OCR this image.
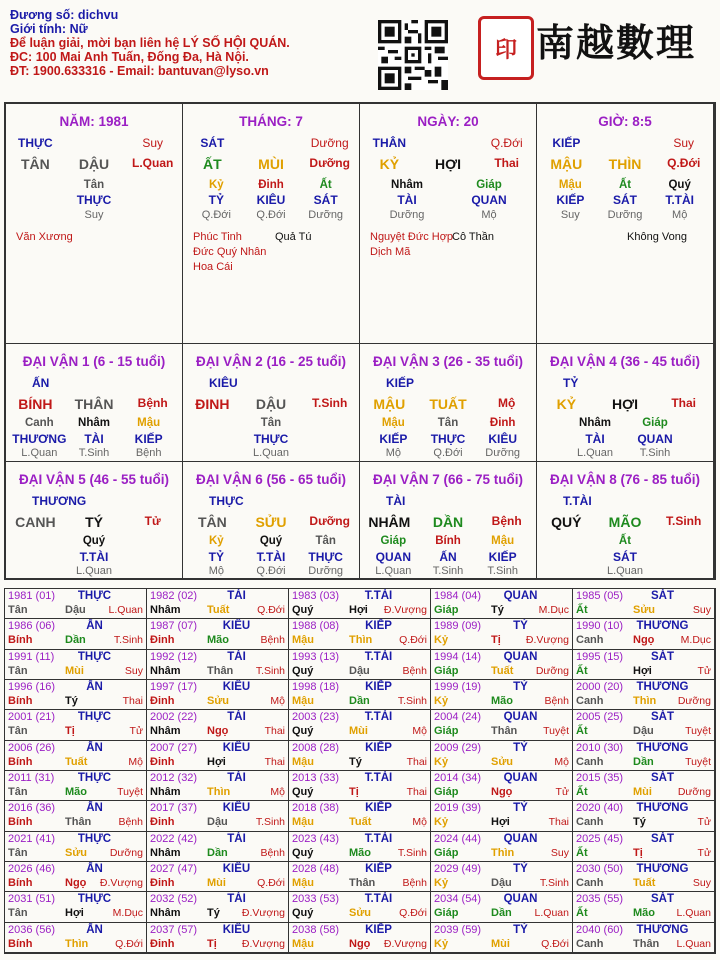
Đương số: dichvu
Giới tính: Nữ
Để luận giải, mời bạn liên hệ LÝ SỐ HỘI QUÁN.
ĐC: 100 Mai Anh Tuấn, Đống Đa, Hà Nội.
ĐT: 1900.633316 - Email: bantuvan@lyso.vn
印 南越數理
NĂM: 1981
THỰC	Suy
TÂN	DẬU	L.Quan
Tân
THỰC
Suy
Văn Xương
THÁNG: 7
SÁT	Dưỡng
ẤT	MÙI	Dưỡng
Kỷ	Đinh	Ất
TỶ	KIÊU	SÁT
Q.Đới	Q.Đới	Dưỡng
Phúc Tinh	Quả Tú
Đức Quý Nhân
Hoa Cái
NGÀY: 20
THÂN	Q.Đới
KỶ	HỢI	Thai
Nhâm	Giáp
TÀI	QUAN
Dưỡng	Mộ
Nguyệt Đức Hợp
Cô Thần
Dịch Mã
GIỜ: 8:5
KIẾP	Suy
MẬU	THÌN	Q.Đới
Mậu	Ất	Quý
KIẾP	SÁT	T.TÀI
Suy	Dưỡng	Mộ
Không Vong
ĐẠI VẬN 1 (6 - 15 tuổi)
ẤN
BÍNH	THÂN	Bệnh
Canh	Nhâm	Mậu
THƯƠNG	TÀI	KIẾP
L.Quan	T.Sinh	Bệnh
ĐẠI VẬN 2 (16 - 25 tuổi)
KIÊU
ĐINH	DẬU	T.Sinh
Tân
THỰC
L.Quan
ĐẠI VẬN 3 (26 - 35 tuổi)
KIẾP
MẬU	TUẤT	Mộ
Mậu	Tân	Đinh
KIẾP	THỰC	KIÊU
Mộ	Q.Đới	Dưỡng
ĐẠI VẬN 4 (36 - 45 tuổi)
TỶ
KỶ	HỢI	Thai
Nhâm	Giáp
TÀI	QUAN
L.Quan	T.Sinh
ĐẠI VẬN 5 (46 - 55 tuổi)
THƯƠNG
CANH	TÝ	Tử
Quý
T.TÀI
L.Quan
ĐẠI VẬN 6 (56 - 65 tuổi)
THỰC
TÂN	SỬU	Dưỡng
Kỷ	Quý	Tân
TỶ	T.TÀI	THỰC
Mộ	Q.Đới	Dưỡng
ĐẠI VẬN 7 (66 - 75 tuổi)
TÀI
NHÂM	DẦN	Bệnh
Giáp	Bính	Mậu
QUAN	ẤN	KIẾP
L.Quan	T.Sinh	T.Sinh
ĐẠI VẬN 8 (76 - 85 tuổi)
T.TÀI
QUÝ	MÃO	T.Sinh
Ất
SÁT
L.Quan
1981 (01)	THỰC
Tân	Dậu L.Quan
1982 (02)	TÀI
Nhâm Tuất	Q.Đới
1983 (03)	T.TÀI
Quý	Hợi Đ.Vượng
1984 (04)	QUAN
Giáp	Tý	M.Dục
1985 (05)	SÁT
Ất	Sửu	Suy
1986 (06)	ẤN
Bính	Dần	T.Sinh
1987 (07)	KIÊU
Đinh	Mão	Bệnh
1988 (08)	KIẾP
Mậu	Thìn	Q.Đới
1989 (09)	TỶ
Kỷ	Tị Đ.Vượng
1990 (10)	THƯƠNG
Canh	Ngọ	M.Dục
1991 (11)	THỰC
Tân	Mùi	Suy
1992 (12)	TÀI
Nhâm Thân T.Sinh
1993 (13)	T.TÀI
Quý	Dậu	Bệnh
1994 (14)	QUAN
Giáp	Tuất Dưỡng
1995 (15)	SÁT
Ất	Hợi	Tử
1996 (16)	ẤN
Bính	Tý	Thai
1997 (17)	KIÊU
Đinh	Sửu	Mộ
1998 (18)	KIẾP
Mậu	Dần	T.Sinh
1999 (19)	TỶ
Kỷ	Mão	Bệnh
2000 (20)	THƯƠNG
Canh	Thìn Dưỡng
2001 (21)	THỰC
Tân	Tị	Tử
2002 (22)	TÀI
Nhâm Ngọ	Thai
2003 (23)	T.TÀI
Quý	Mùi	Mộ
2004 (24)	QUAN
Giáp	Thân Tuyệt
2005 (25)	SÁT
Ất	Dậu	Tuyệt
2006 (26)	ẤN
Bính	Tuất	Mộ
2007 (27)	KIÊU
Đinh	Hợi	Thai
2008 (28)	KIẾP
Mậu	Tý	Thai
2009 (29)	TỶ
Kỷ	Sửu	Mộ
2010 (30)	THƯƠNG
Canh	Dần	Tuyệt
2011 (31)	THỰC
Tân	Mão	Tuyệt
2012 (32)	TÀI
Nhâm Thìn	Mộ
2013 (33)	T.TÀI
Quý	Tị	Thai
2014 (34)	QUAN
Giáp	Ngọ	Tử
2015 (35)	SÁT
Ất	Mùi Dưỡng
2016 (36)	ẤN
Bính	Thân	Bệnh
2017 (37)	KIÊU
Đinh	Dậu	T.Sinh
2018 (38)	KIẾP
Mậu	Tuất	Mộ
2019 (39)	TỶ
Kỷ	Hợi	Thai
2020 (40)	THƯƠNG
Canh	Tý	Tử
2021 (41)	THỰC
Tân	Sửu Dưỡng
2022 (42)	TÀI
Nhâm Dần	Bệnh
2023 (43)	T.TÀI
Quý	Mão	T.Sinh
2024 (44)	QUAN
Giáp	Thìn	Suy
2025 (45)	SÁT
Ất	Tị	Tử
2026 (46)	ẤN
Bính	Ngọ Đ.Vượng
2027 (47)	KIÊU
Đinh	Mùi	Q.Đới
2028 (48)	KIẾP
Mậu	Thân	Bệnh
2029 (49)	TỶ
Kỷ	Dậu	T.Sinh
2030 (50)	THƯƠNG
Canh	Tuất	Suy
2031 (51)	THỰC
Tân	Hợi	M.Dục
2032 (52)	TÀI
Nhâm Tý Đ.Vượng
2033 (53)	T.TÀI
Quý	Sửu	Q.Đới
2034 (54)	QUAN
Giáp	Dần L.Quan
2035 (55)	SÁT
Ất	Mão L.Quan
2036 (56)	ẤN
Bính	Thìn	Q.Đới
2037 (57)	KIÊU
Đinh	Tị Đ.Vượng
2038 (58)	KIẾP
Mậu	Ngọ Đ.Vượng
2039 (59)	TỶ
Kỷ	Mùi	Q.Đới
2040 (60)	THƯƠNG
Canh	Thân L.Quan
